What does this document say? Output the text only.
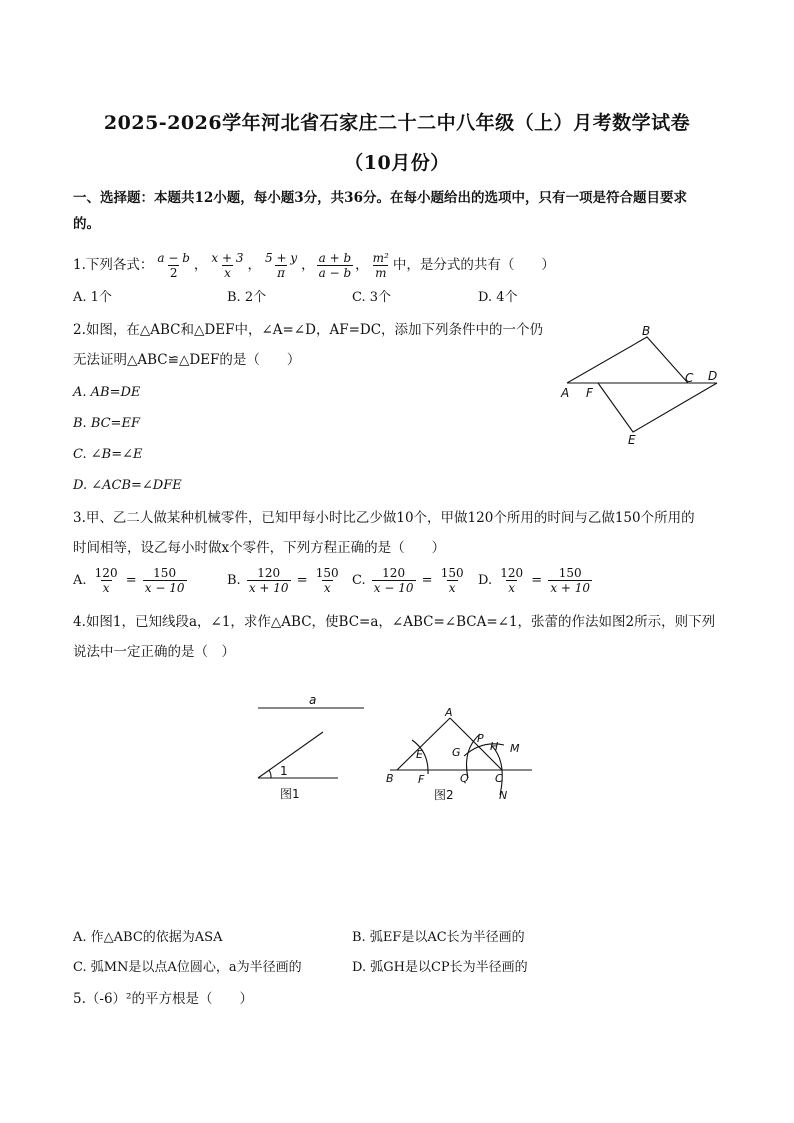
2025-2026学年河北省石家庄二十二中八年级（上）月考数学试卷
（10月份）
一、选择题：本题共12小题，每小题3分，共36分。在每小题给出的选项中，只有一项是符合题目要求
的。
1.下列各式： $\frac{a - b}{2}$ ， $\frac{x + 3}{x}$ ， $\frac{5 + y}{\pi}$ ， $\frac{a + b}{a - b}$ ， $\frac{\text{m²}}{m}$ 中，是分式的共有（　　）
A. 1个	B. 2个	C. 3个	D. 4个
2.如图，在△ABC和△DEF中，∠A=∠D，AF=DC，添加下列条件中的一个仍
无法证明△ABC≌△DEF的是（　　）
A. AB=DE
B. BC=EF
C. ∠B=∠E
D. ∠ACB=∠DFE
B
A F
C D
E
3.甲、乙二人做某种机械零件，已知甲每小时比乙少做10个，甲做120个所用的时间与乙做150个所用的
时间相等，设乙每小时做x个零件，下列方程正确的是（　　）
A. $\frac{120}{x} = \frac{150}{x - 10}$	B. $\frac{120}{x + 10} = \frac{150}{x} C$. $\frac{120}{x - 10} = \frac{150}{x} D$. $\frac{120}{x} = \frac{150}{x + 10}$
4.如图1，已知线段a，∠1，求作△ABC，使BC=a，∠ABC=∠BCA=∠1，张蕾的作法如图2所示，则下列
说法中一定正确的是（　）
a
1
图1
A
B F
E	G
Q
P
H M
C
N
图2
A. 作△ABC的依据为ASA	B. 弧EF是以AC长为半径画的
C. 弧MN是以点A位圆心，a为半径画的	D. 弧GH是以CP长为半径画的
5.（-6）²的平方根是（　　）
